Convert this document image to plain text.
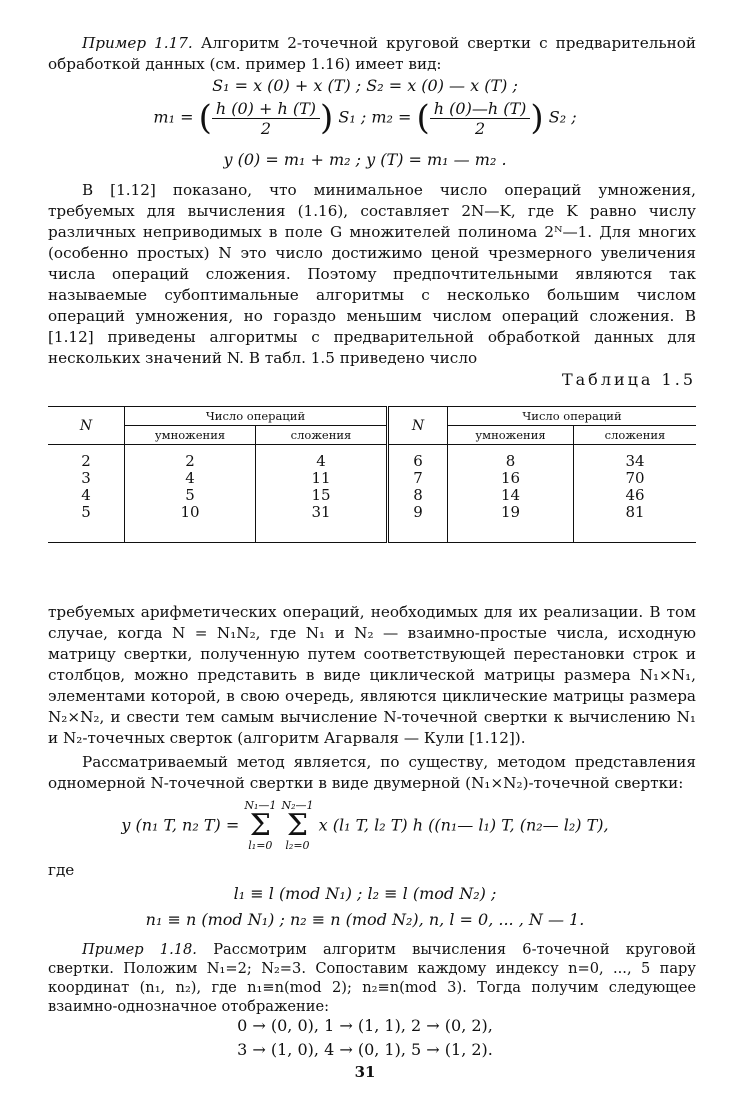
Пример 1.17. Алгоритм 2-точечной круговой свертки с предварительной обработкой данных (см. пример 1.16) имеет вид:

S₁ = x (0) + x (T) ; S₂ = x (0) — x (T) ;
m₁ = ( $\frac{h (0) + h (T)}{2}$ ) S₁ ; m₂ = ( $\frac{h (0)—h (T)}{2}$ ) S₂ ;
y (0) = m₁ + m₂ ; y (T) = m₁ — m₂ .

В [1.12] показано, что минимальное число операций умножения, требуемых для вычисления (1.16), составляет 2N—K, где K равно числу различных неприводимых в поле G множителей полинома 2ᴺ—1. Для многих (особенно простых) N это число достижимо ценой чрезмерного увеличения числа операций сложения. Поэтому предпочтительными являются так называемые субоптимальные алгоритмы с несколько большим числом операций умножения, но гораздо меньшим числом операций сложения. В [1.12] приведены алгоритмы с предварительной обработкой данных для нескольких значений N. В табл. 1.5 приведено число

Таблица 1.5
N	Число операций		N	Число операций	
	умножения	сложения		умножения	сложения

2	2	4	6	8	34
3	4	11	7	16	70
4	5	15	8	14	46
5	10	31	9	19	81

требуемых арифметических операций, необходимых для их реализации. В том случае, когда N = N₁N₂, где N₁ и N₂ — взаимно-простые числа, исходную матрицу свертки, полученную путем соответствующей перестановки строк и столбцов, можно представить в виде циклической матрицы размера N₁×N₁, элементами которой, в свою очередь, являются циклические матрицы размера N₂×N₂, и свести тем самым вычисление N-точечной свертки к вычислению N₁ и N₂-точечных сверток (алгоритм Агарваля — Кули [1.12]).

Рассматриваемый метод является, по существу, методом представления одномерной N-точечной свертки в виде двумерной (N₁×N₂)-точечной свертки:

y (n₁ T, n₂ T) = N₁—1
Σ
l₁=0 N₂—1
Σ
l₂=0 x (l₁ T, l₂ T) h ((n₁— l₁) T, (n₂— l₂) T),

где

l₁ ≡ l (mod N₁) ; l₂ ≡ l (mod N₂) ;
n₁ ≡ n (mod N₁) ; n₂ ≡ n (mod N₂), n, l = 0, ... , N — 1.

Пример 1.18. Рассмотрим алгоритм вычисления 6-точечной круговой свертки. Положим N₁=2; N₂=3. Сопоставим каждому индексу n=0, ..., 5 пару координат (n₁, n₂), где n₁≡n(mod 2); n₂≡n(mod 3). Тогда получим следующее взаимно-однозначное отображение:

0 → (0, 0), 1 → (1, 1), 2 → (0, 2),
3 → (1, 0), 4 → (0, 1), 5 → (1, 2).
31
